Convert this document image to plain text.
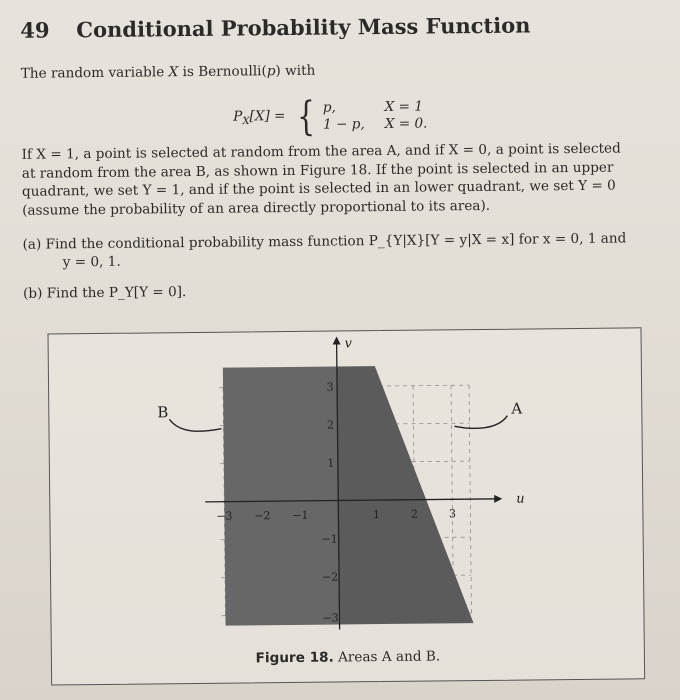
49	Conditional Probability Mass Function
The random variable X is Bernoulli(p) with
$P_X[X]$ = { p,	X = 1
1 − p,	X = 0.
If X = 1, a point is selected at random from the area A, and if X = 0, a point is selected
at random from the area B, as shown in Figure 18. If the point is selected in an upper
quadrant, we set Y = 1, and if the point is selected in an lower quadrant, we set Y = 0
(assume the probability of an area directly proportional to its area).
(a) Find the conditional probability mass function P_{Y|X}[Y = y|X = x] for x = 0, 1 and
y = 0, 1.
(b) Find the P_Y[Y = 0].
−3 −2 −1	1	2	3
3
2
1
−1
−2
−3
v
u
B	A
Figure 18. Areas A and B.
